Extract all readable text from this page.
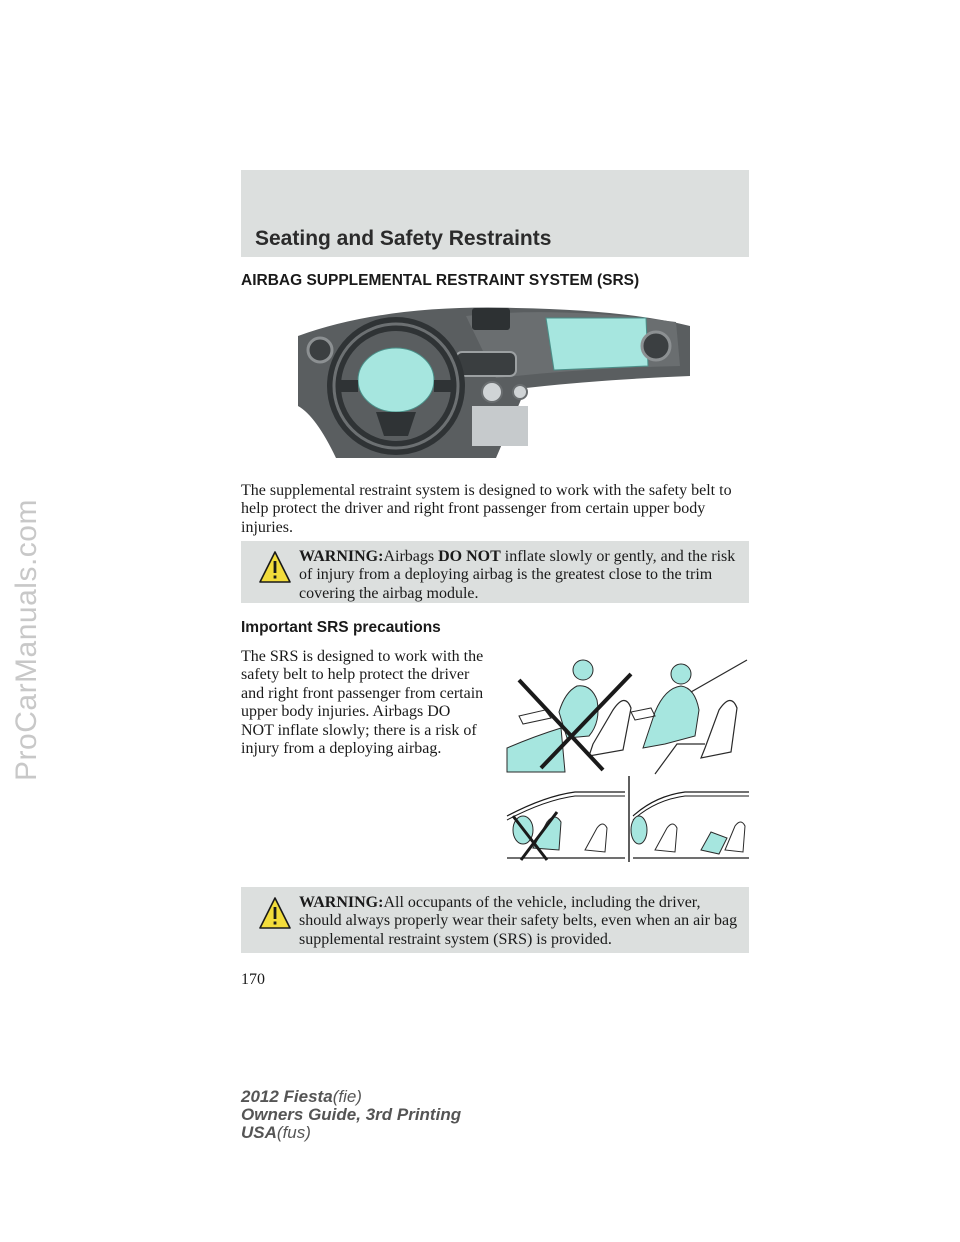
ProCarManuals.com
Seating and Safety Restraints
AIRBAG SUPPLEMENTAL RESTRAINT SYSTEM (SRS)

The supplemental restraint system is designed to work with the safety belt to help protect the driver and right front passenger from certain upper body injuries.

WARNING:Airbags DO NOT inflate slowly or gently, and the risk of injury from a deploying airbag is the greatest close to the trim covering the airbag module.
Important SRS precautions

The SRS is designed to work with the safety belt to help protect the driver and right front passenger from certain upper body injuries. Airbags DO NOT inflate slowly; there is a risk of injury from a deploying airbag.

WARNING:All occupants of the vehicle, including the driver, should always properly wear their safety belts, even when an air bag supplemental restraint system (SRS) is provided.
170
2012 Fiesta(fie)
Owners Guide, 3rd Printing
USA(fus)
